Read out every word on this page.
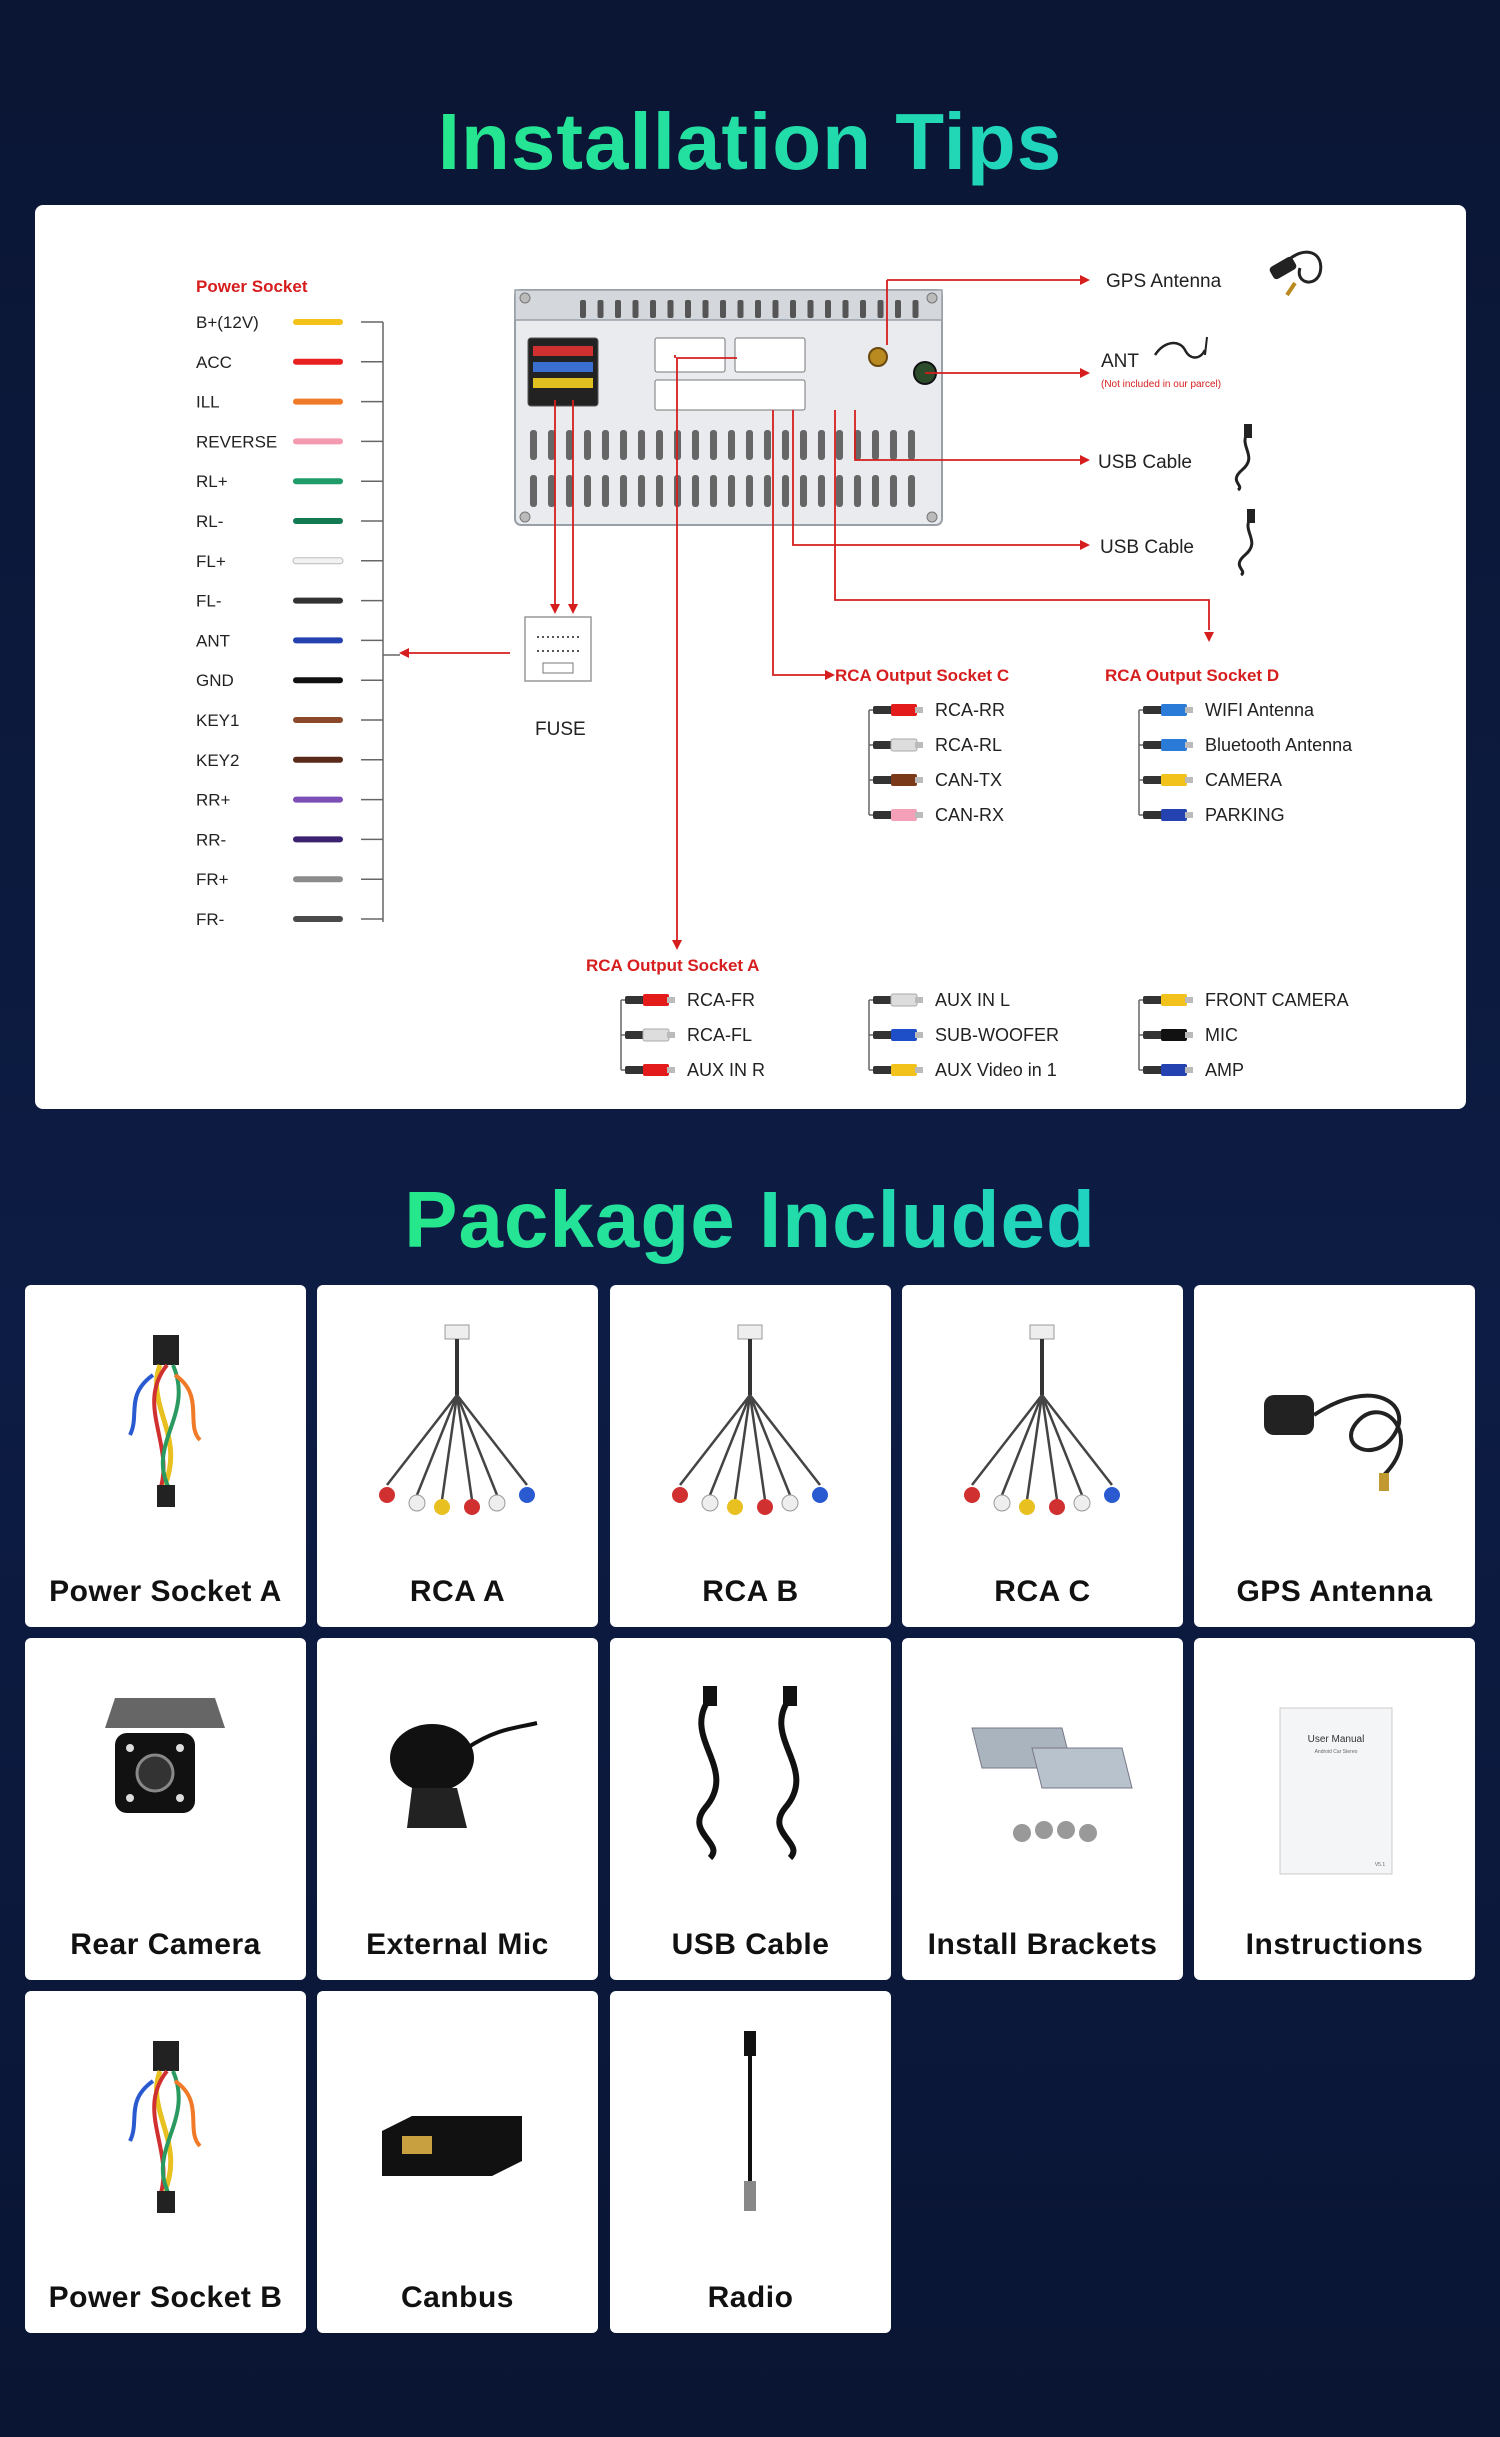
Installation Tips
Power Socket
B+(12V)
ACC
ILL
REVERSE
RL+
RL-
FL+
FL-
ANT
GND
KEY1
KEY2
RR+
RR-
FR+
FR-
FUSE
GPS Antenna
ANT
(Not included in our parcel)
USB Cable
USB Cable
RCA Output Socket C
RCA-RR
RCA-RL
CAN-TX
CAN-RX
RCA Output Socket D
WIFI Antenna
Bluetooth Antenna
CAMERA
PARKING
RCA Output Socket A
RCA-FR
RCA-FL
AUX IN R
AUX IN L
SUB-WOOFER
AUX Video in 1
FRONT CAMERA
MIC
AMP
Package Included
Power Socket A	RCA A	RCA B	RCA C	GPS Antenna
Rear Camera	External Mic	USB Cable	Install Brackets
User Manual
Android Car Stereo
V5.1
Instructions
Power Socket B	Canbus	Radio
